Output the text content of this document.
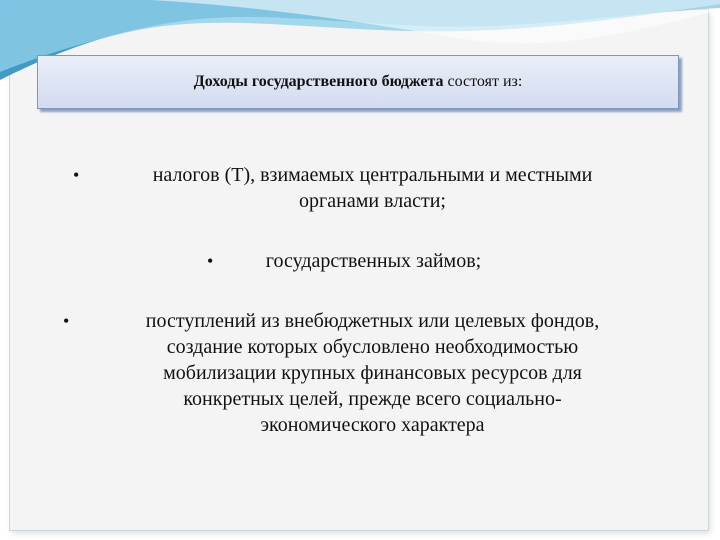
Доходы государственного бюджета состоят из:
•	налогов (Т), взимаемых центральными и местными
органами власти;
•	государственных займов;
•	поступлений из внебюджетных или целевых фондов,
создание которых обусловлено необходимостью
мобилизации крупных финансовых ресурсов для
конкретных целей, прежде всего социально-
экономического характера
